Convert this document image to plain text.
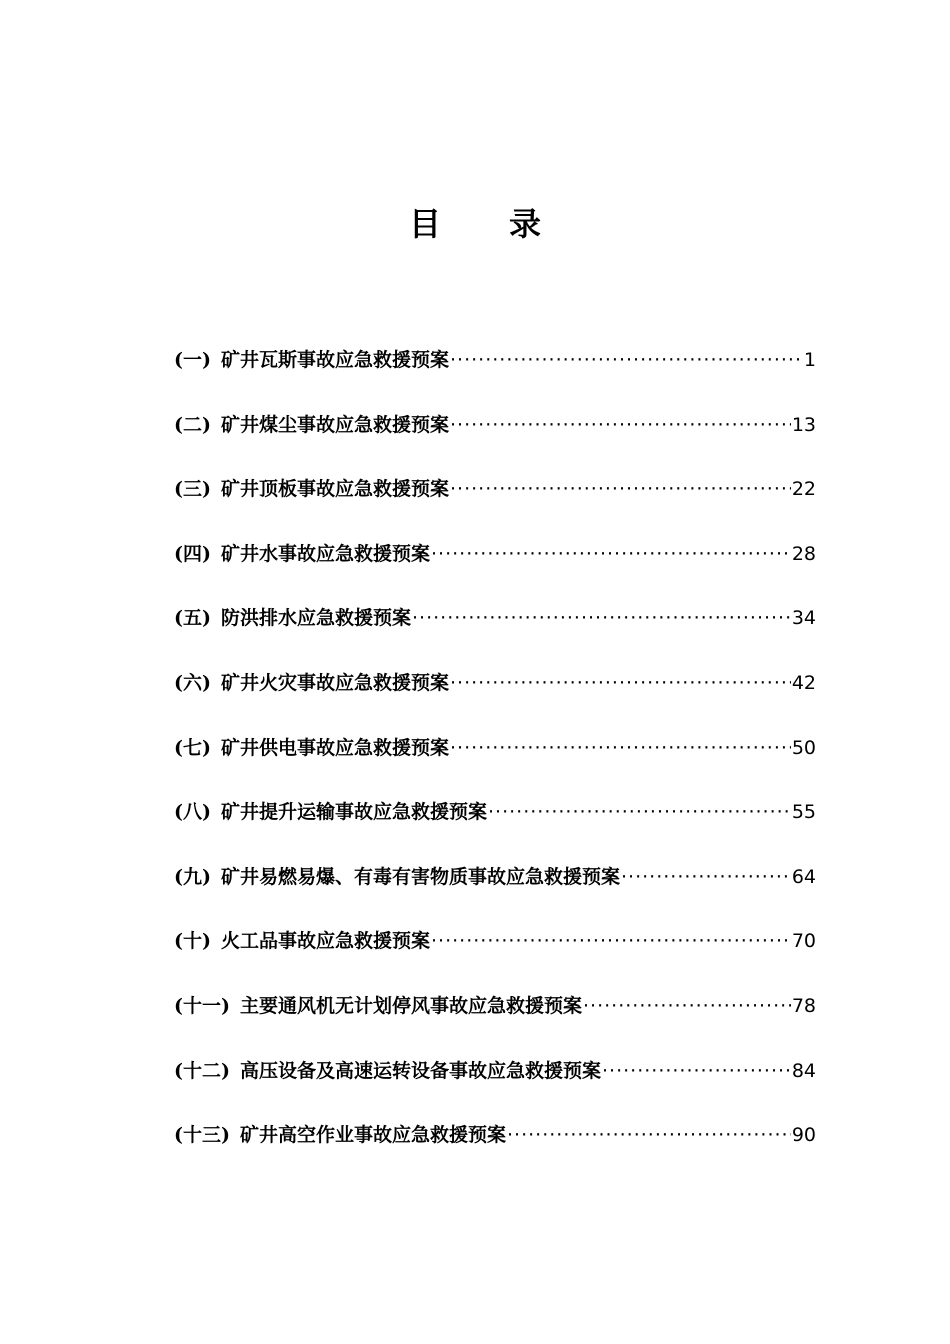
目 录
(一) 矿井瓦斯事故应急救援预案 ·····	1
(二) 矿井煤尘事故应急救援预案 ·····	13
(三) 矿井顶板事故应急救援预案 ·····	22
(四) 矿井水事故应急救援预案 ·····	28
(五) 防洪排水应急救援预案 ·····	34
(六) 矿井火灾事故应急救援预案 ·····	42
(七) 矿井供电事故应急救援预案 ·····	50
(八) 矿井提升运输事故应急救援预案 ·····	55
(九) 矿井易燃易爆、有毒有害物质事故应急救援预案 ·····	64
(十) 火工品事故应急救援预案 ·····	70
(十一) 主要通风机无计划停风事故应急救援预案 ·····	78
(十二) 高压设备及高速运转设备事故应急救援预案 ·····	84
(十三) 矿井高空作业事故应急救援预案 ·····	90
